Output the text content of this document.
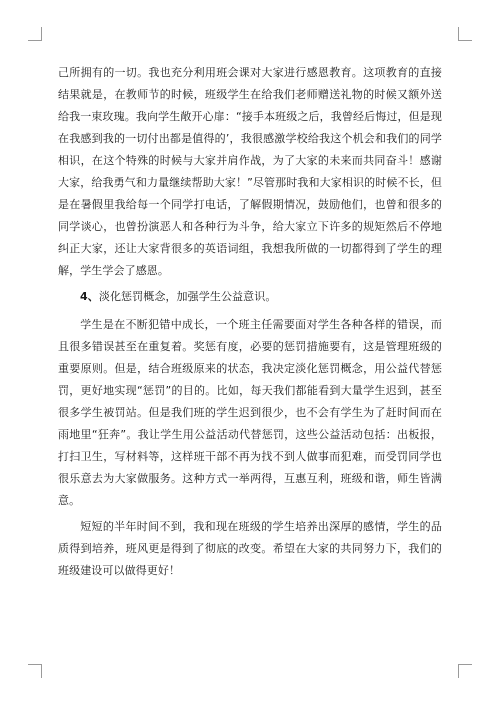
己所拥有的一切。我也充分利用班会课对大家进行感恩教育。这项教育的直接结果就是，在教师节的时候，班级学生在给我们老师赠送礼物的时候又额外送给我一束玫瑰。我向学生敞开心扉：“接手本班级之后，我曾经后悔过，但是现在我感到我的一切付出都是值得的’，我很感激学校给我这个机会和我们的同学相识，在这个特殊的时候与大家并肩作战，为了大家的未来而共同奋斗！感谢大家，给我勇气和力量继续帮助大家！”尽管那时我和大家相识的时候不长，但是在暑假里我给每一个同学打电话，了解假期情况，鼓励他们，也曾和很多的同学谈心，也曾扮演恶人和各种行为斗争，给大家立下许多的规矩然后不停地纠正大家，还让大家背很多的英语词组，我想我所做的一切都得到了学生的理解，学生学会了感恩。

4、淡化惩罚概念，加强学生公益意识。

学生是在不断犯错中成长，一个班主任需要面对学生各种各样的错误，而且很多错误甚至在重复着。奖惩有度，必要的惩罚措施要有，这是管理班级的重要原则。但是，结合班级原来的状态，我决定淡化惩罚概念，用公益代替惩罚，更好地实现“惩罚”的目的。比如，每天我们都能看到大量学生迟到，甚至很多学生被罚站。但是我们班的学生迟到很少，也不会有学生为了赶时间而在雨地里“狂奔”。我让学生用公益活动代替惩罚，这些公益活动包括：出板报，打扫卫生，写材料等，这样班干部不再为找不到人做事而犯难，而受罚同学也很乐意去为大家做服务。这种方式一举两得，互惠互利，班级和谐，师生皆满意。

短短的半年时间不到，我和现在班级的学生培养出深厚的感情，学生的品质得到培养，班风更是得到了彻底的改变。希望在大家的共同努力下，我们的班级建设可以做得更好！
